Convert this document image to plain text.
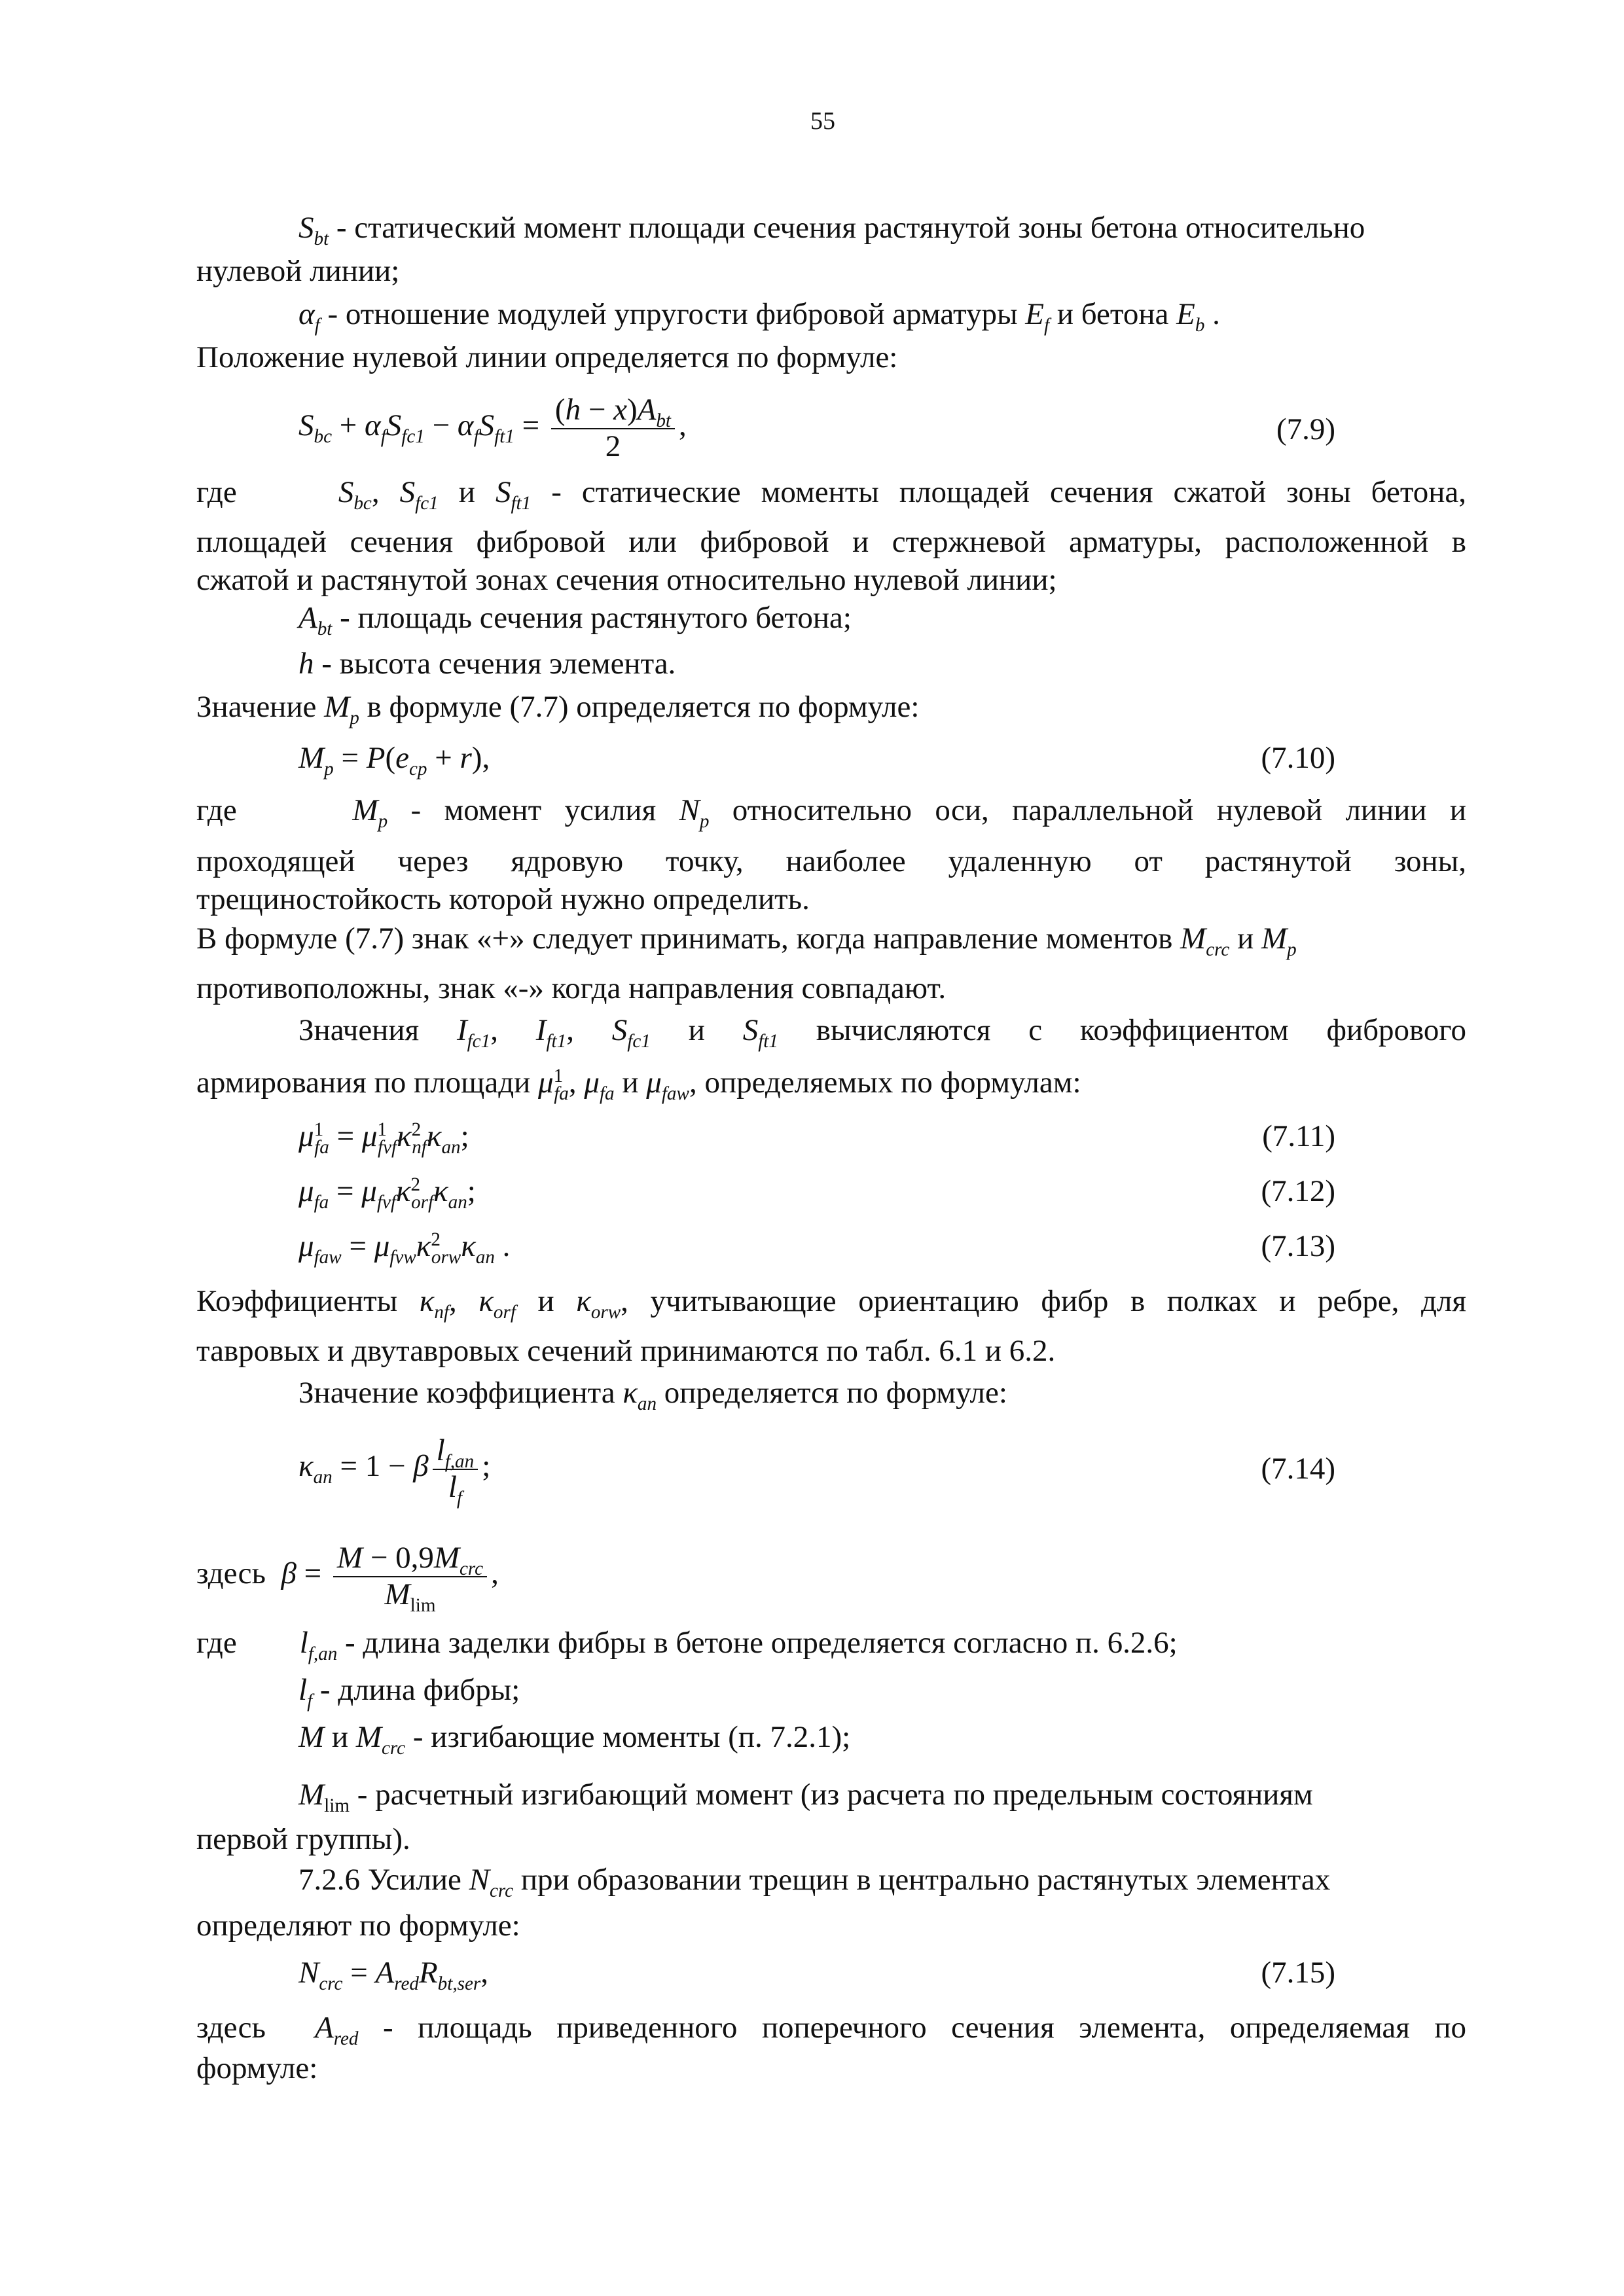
55
$S_{bt}$ - статический момент площади сечения растянутой зоны бетона относительно
нулевой линии;
$\alpha_f$ - отношение модулей упругости фибровой арматуры $E_f$ и бетона $E_b$ .
Положение нулевой линии определяется по формуле:
$S_{bc} + \alpha_fS_{fc1} - \alpha_fS_{ft1} = \frac{(h - x)A_{bt}}{2}$ ,	(7.9)
где	$S_{bc}$, $S_{fc1}$ и $S_{ft1}$ - статические моменты площадей сечения сжатой зоны бетона,
площадей сечения фибровой или фибровой и стержневой арматуры, расположенной в
сжатой и растянутой зонах сечения относительно нулевой линии;
$A_{bt}$ - площадь сечения растянутого бетона;
h - высота сечения элемента.
Значение $M_p$ в формуле (7.7) определяется по формуле:
$M_p = P(e_{cp} + r)$,	(7.10)
где	$M_p$ - момент усилия $N_p$ относительно оси, параллельной нулевой линии и
проходящей через ядровую точку, наиболее удаленную от растянутой зоны,
трещиностойкость которой нужно определить.
В формуле (7.7) знак «+» следует принимать, когда направление моментов $M_{crc}$ и $M_p$
противоположны, знак «-» когда направления совпадают.
Значения $I_{fc1}$, $I_{ft1}$, $S_{fc1}$ и $S_{ft1}$ вычисляются с коэффициентом фибрового
армирования по площади $\mu^1_{fa}$, $\mu_{fa}$ и $\mu_{faw}$, определяемых по формулам:
$\mu^1_{fa} = \mu^1_{fvf}\kappa^2_{nf}\kappa_{an}$;	(7.11)
$\mu_{fa} = \mu_{fvf}\kappa^2_{orf}\kappa_{an}$;	(7.12)
$\mu_{faw} = \mu_{fvw}\kappa^2_{orw}\kappa_{an}$ .	(7.13)
Коэффициенты $\kappa_{nf}$, $\kappa_{orf}$ и $\kappa_{orw}$, учитывающие ориентацию фибр в полках и ребре, для
тавровых и двутавровых сечений принимаются по табл. 6.1 и 6.2.
Значение коэффициента $\kappa_{an}$ определяется по формуле:
$\kappa_{an} = 1 - \beta \frac{l_{f,an}}{l_f}$ ;	(7.14)
здесь $\beta = \frac{M - 0,9M_{crc}}{M_{lim}}$ ,
где $l_{f,an}$ - длина заделки фибры в бетоне определяется согласно п. 6.2.6;
$l_f$ - длина фибры;
M и $M_{crc}$ - изгибающие моменты (п. 7.2.1);
$M_{lim}$ - расчетный изгибающий момент (из расчета по предельным состояниям
первой группы).
7.2.6 Усилие $N_{crc}$ при образовании трещин в центрально растянутых элементах
определяют по формуле:
$N_{crc} = A_{red}R_{bt,ser}$,	(7.15)
здесь $A_{red}$ - площадь приведенного поперечного сечения элемента, определяемая по
формуле:
